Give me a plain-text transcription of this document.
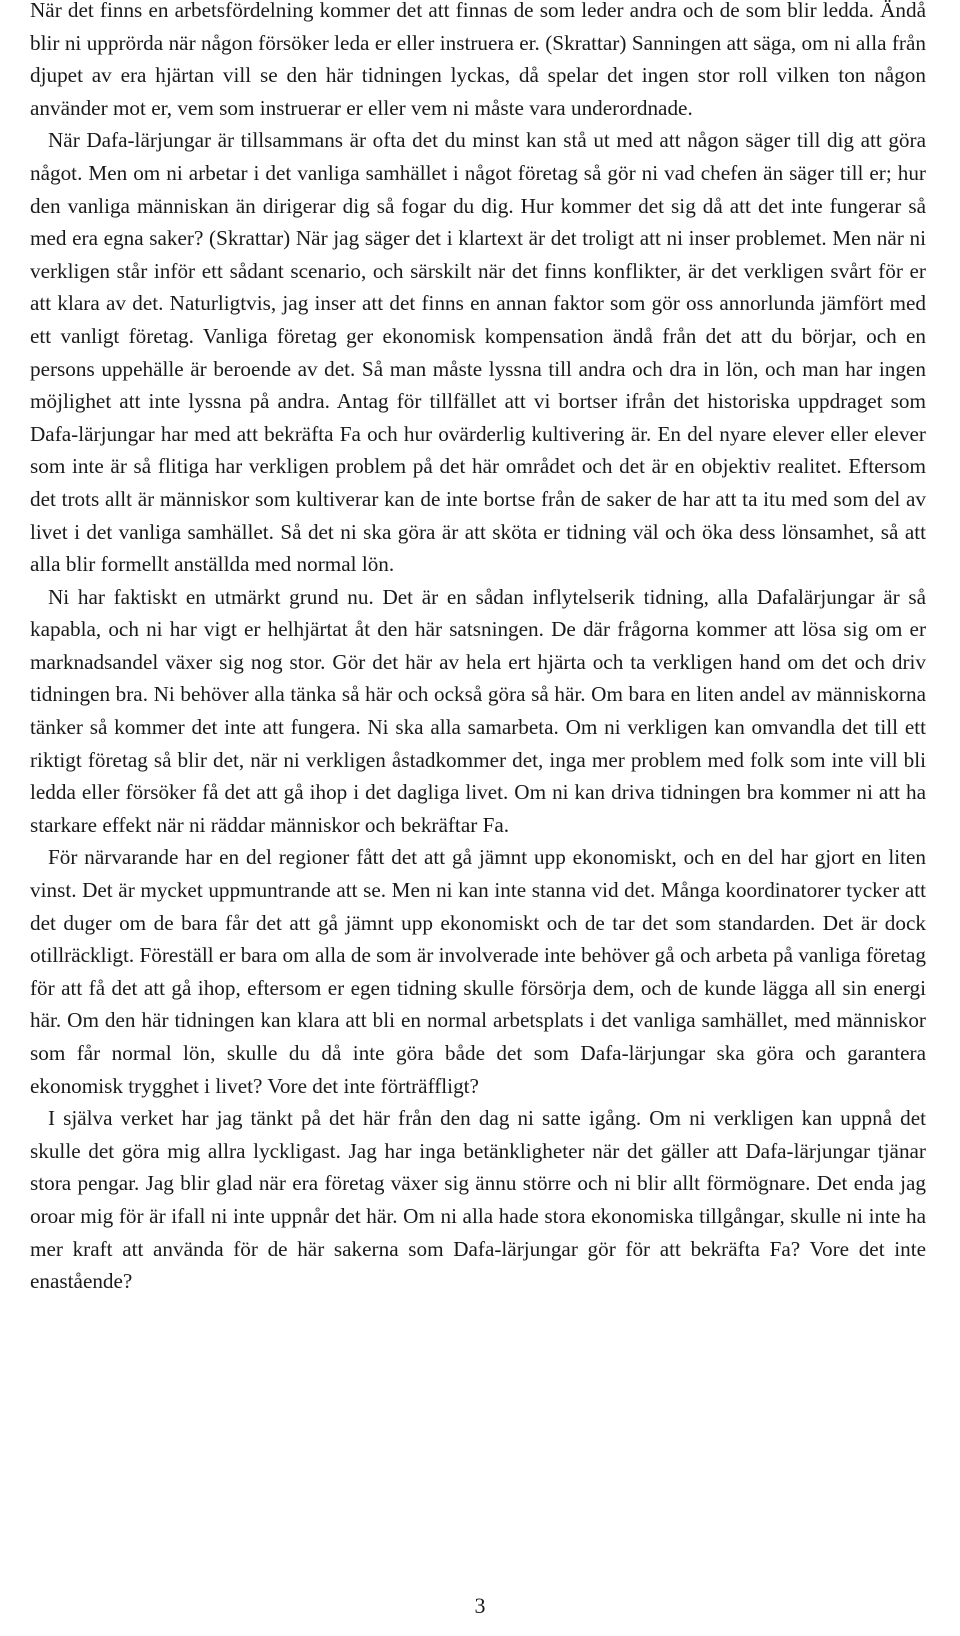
När det finns en arbetsfördelning kommer det att finnas de som leder andra och de som blir ledda. Ändå blir ni upprörda när någon försöker leda er eller instruera er. (Skrattar) Sanningen att säga, om ni alla från djupet av era hjärtan vill se den här tidningen lyckas, då spelar det ingen stor roll vilken ton någon använder mot er, vem som instruerar er eller vem ni måste vara underordnade.

När Dafa-lärjungar är tillsammans är ofta det du minst kan stå ut med att någon säger till dig att göra något. Men om ni arbetar i det vanliga samhället i något företag så gör ni vad chefen än säger till er; hur den vanliga människan än dirigerar dig så fogar du dig. Hur kommer det sig då att det inte fungerar så med era egna saker? (Skrattar) När jag säger det i klartext är det troligt att ni inser problemet. Men när ni verkligen står inför ett sådant scenario, och särskilt när det finns konflikter, är det verkligen svårt för er att klara av det. Naturligtvis, jag inser att det finns en annan faktor som gör oss annorlunda jämfört med ett vanligt företag. Vanliga företag ger ekonomisk kompensation ändå från det att du börjar, och en persons uppehälle är beroende av det. Så man måste lyssna till andra och dra in lön, och man har ingen möjlighet att inte lyssna på andra. Antag för tillfället att vi bortser ifrån det historiska uppdraget som Dafa-lärjungar har med att bekräfta Fa och hur ovärderlig kultivering är. En del nyare elever eller elever som inte är så flitiga har verkligen problem på det här området och det är en objektiv realitet. Eftersom det trots allt är människor som kultiverar kan de inte bortse från de saker de har att ta itu med som del av livet i det vanliga samhället. Så det ni ska göra är att sköta er tidning väl och öka dess lönsamhet, så att alla blir formellt anställda med normal lön.

Ni har faktiskt en utmärkt grund nu. Det är en sådan inflytelserik tidning, alla Dafalärjungar är så kapabla, och ni har vigt er helhjärtat åt den här satsningen. De där frågorna kommer att lösa sig om er marknadsandel växer sig nog stor. Gör det här av hela ert hjärta och ta verkligen hand om det och driv tidningen bra. Ni behöver alla tänka så här och också göra så här. Om bara en liten andel av människorna tänker så kommer det inte att fungera. Ni ska alla samarbeta. Om ni verkligen kan omvandla det till ett riktigt företag så blir det, när ni verkligen åstadkommer det, inga mer problem med folk som inte vill bli ledda eller försöker få det att gå ihop i det dagliga livet. Om ni kan driva tidningen bra kommer ni att ha starkare effekt när ni räddar människor och bekräftar Fa.

För närvarande har en del regioner fått det att gå jämnt upp ekonomiskt, och en del har gjort en liten vinst. Det är mycket uppmuntrande att se. Men ni kan inte stanna vid det. Många koordinatorer tycker att det duger om de bara får det att gå jämnt upp ekonomiskt och de tar det som standarden. Det är dock otillräckligt. Föreställ er bara om alla de som är involverade inte behöver gå och arbeta på vanliga företag för att få det att gå ihop, eftersom er egen tidning skulle försörja dem, och de kunde lägga all sin energi här. Om den här tidningen kan klara att bli en normal arbetsplats i det vanliga samhället, med människor som får normal lön, skulle du då inte göra både det som Dafa-lärjungar ska göra och garantera ekonomisk trygghet i livet? Vore det inte förträffligt?

I själva verket har jag tänkt på det här från den dag ni satte igång. Om ni verkligen kan uppnå det skulle det göra mig allra lyckligast. Jag har inga betänkligheter när det gäller att Dafa-lärjungar tjänar stora pengar. Jag blir glad när era företag växer sig ännu större och ni blir allt förmögnare. Det enda jag oroar mig för är ifall ni inte uppnår det här. Om ni alla hade stora ekonomiska tillgångar, skulle ni inte ha mer kraft att använda för de här sakerna som Dafa-lärjungar gör för att bekräfta Fa? Vore det inte enastående?

3
